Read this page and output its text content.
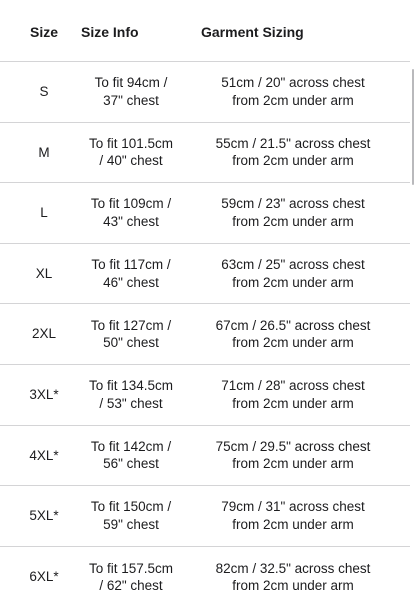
Size Size Info	Garment Sizing
S
To fit 94cm /
37" chest
51cm / 20" across chest
from 2cm under arm
M
To fit 101.5cm
/ 40" chest
55cm / 21.5" across chest
from 2cm under arm
L
To fit 109cm /
43" chest
59cm / 23" across chest
from 2cm under arm
XL
To fit 117cm /
46" chest
63cm / 25" across chest
from 2cm under arm
2XL
To fit 127cm /
50" chest
67cm / 26.5" across chest
from 2cm under arm
3XL*
To fit 134.5cm
/ 53" chest
71cm / 28" across chest
from 2cm under arm
4XL*
To fit 142cm /
56" chest
75cm / 29.5" across chest
from 2cm under arm
5XL*
To fit 150cm /
59" chest
79cm / 31" across chest
from 2cm under arm
6XL*
To fit 157.5cm
/ 62" chest
82cm / 32.5" across chest
from 2cm under arm
